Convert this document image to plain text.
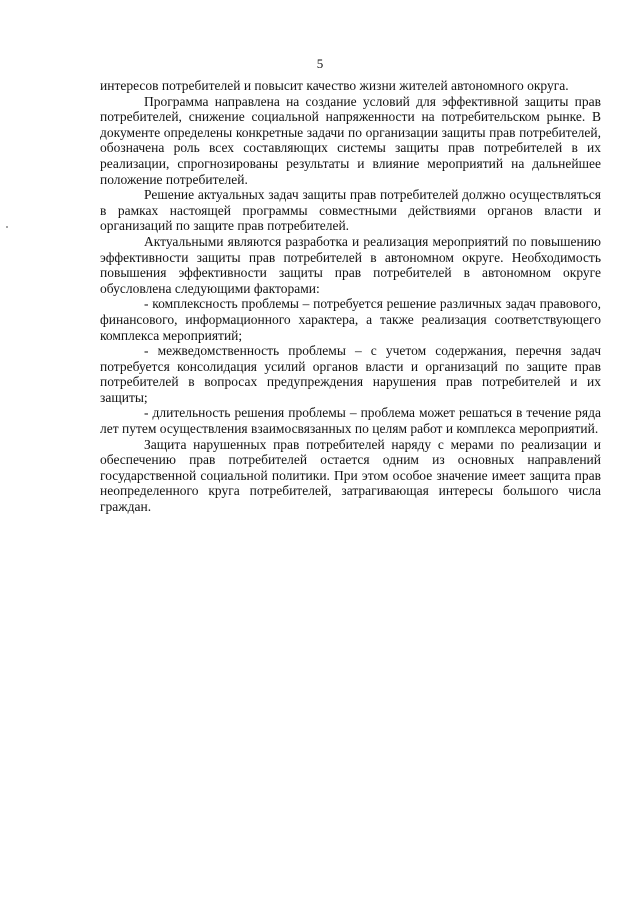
5

интересов потребителей и повысит качество жизни жителей автономного округа.

Программа направлена на создание условий для эффективной защиты прав потребителей, снижение социальной напряженности на потребительском рынке. В документе определены конкретные задачи по организации защиты прав потребителей, обозначена роль всех составляющих системы защиты прав потребителей в их реализации, спрогнозированы результаты и влияние мероприятий на дальнейшее положение потребителей.

Решение актуальных задач защиты прав потребителей должно осуществляться в рамках настоящей программы совместными действиями органов власти и организаций по защите прав потребителей.

Актуальными являются разработка и реализация мероприятий по повышению эффективности защиты прав потребителей в автономном округе. Необходимость повышения эффективности защиты прав потребителей в автономном округе обусловлена следующими факторами:

- комплексность проблемы – потребуется решение различных задач правового, финансового, информационного характера, а также реализация соответствующего комплекса мероприятий;

- межведомственность проблемы – с учетом содержания, перечня задач потребуется консолидация усилий органов власти и организаций по защите прав потребителей в вопросах предупреждения нарушения прав потребителей и их защиты;

- длительность решения проблемы – проблема может решаться в течение ряда лет путем осуществления взаимосвязанных по целям работ и комплекса мероприятий.

Защита нарушенных прав потребителей наряду с мерами по реализации и обеспечению прав потребителей остается одним из основных направлений государственной социальной политики. При этом особое значение имеет защита прав неопределенного круга потребителей, затрагивающая интересы большого числа граждан.
